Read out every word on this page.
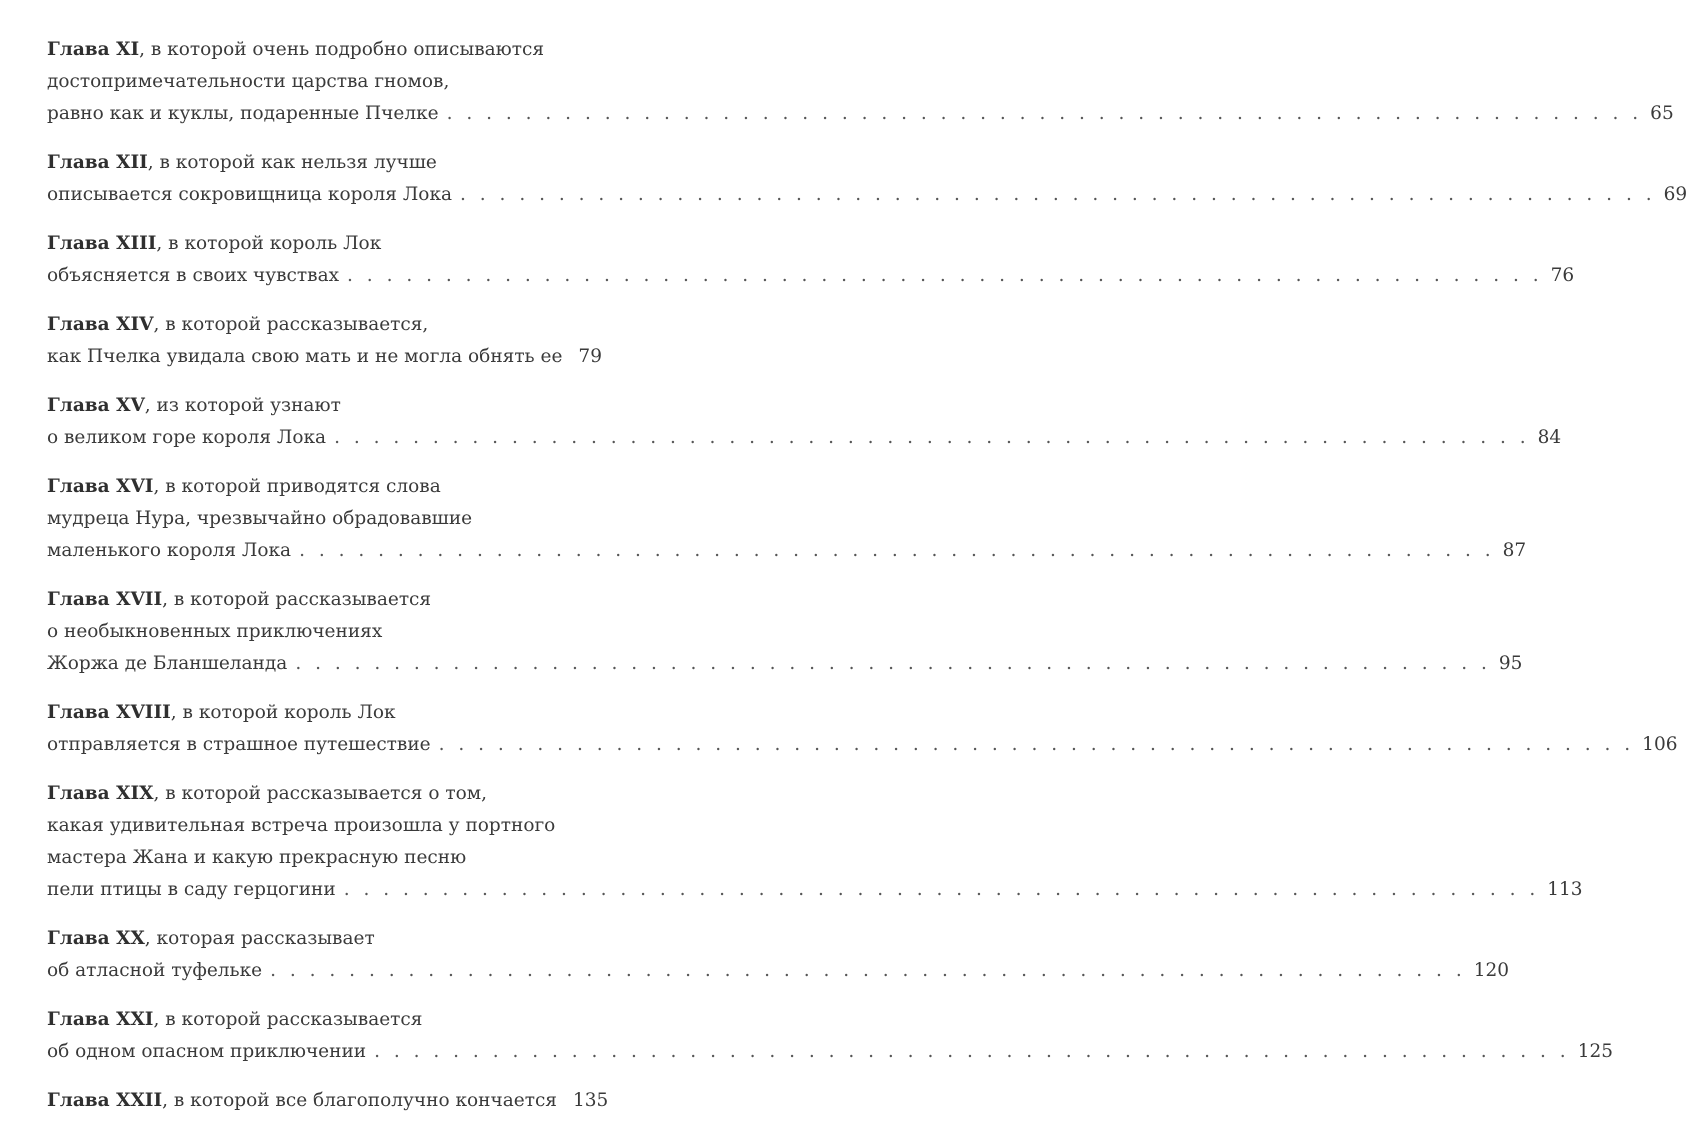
Глава XI, в которой очень подробно описываются
достопримечательности царства гномов,
равно как и куклы, подаренные Пчелке . . . . . . . . . . . . . . . . . . . . . . . . . . . . . . . . . . . . . . . . . . . . . . . . . . . . . . . . . . . . . 65
Глава XII, в которой как нельзя лучше
описывается сокровищница короля Лока . . . . . . . . . . . . . . . . . . . . . . . . . . . . . . . . . . . . . . . . . . . . . . . . . . . . . . . . . . . . . 69
Глава XIII, в которой король Лок
объясняется в своих чувствах . . . . . . . . . . . . . . . . . . . . . . . . . . . . . . . . . . . . . . . . . . . . . . . . . . . . . . . . . . . . . 76
Глава XIV, в которой рассказывается,
как Пчелка увидала свою мать и не могла обнять ее 79
Глава XV, из которой узнают
о великом горе короля Лока . . . . . . . . . . . . . . . . . . . . . . . . . . . . . . . . . . . . . . . . . . . . . . . . . . . . . . . . . . . . . 84
Глава XVI, в которой приводятся слова
мудреца Нура, чрезвычайно обрадовавшие
маленького короля Лока . . . . . . . . . . . . . . . . . . . . . . . . . . . . . . . . . . . . . . . . . . . . . . . . . . . . . . . . . . . . . 87
Глава XVII, в которой рассказывается
о необыкновенных приключениях
Жоржа де Бланшеланда . . . . . . . . . . . . . . . . . . . . . . . . . . . . . . . . . . . . . . . . . . . . . . . . . . . . . . . . . . . . . 95
Глава XVIII, в которой король Лок
отправляется в страшное путешествие . . . . . . . . . . . . . . . . . . . . . . . . . . . . . . . . . . . . . . . . . . . . . . . . . . . . . . . . . . . . . 106
Глава XIX, в которой рассказывается о том,
какая удивительная встреча произошла у портного
мастера Жана и какую прекрасную песню
пели птицы в саду герцогини . . . . . . . . . . . . . . . . . . . . . . . . . . . . . . . . . . . . . . . . . . . . . . . . . . . . . . . . . . . . . 113
Глава XX, которая рассказывает
об атласной туфельке . . . . . . . . . . . . . . . . . . . . . . . . . . . . . . . . . . . . . . . . . . . . . . . . . . . . . . . . . . . . . 120
Глава XXI, в которой рассказывается
об одном опасном приключении . . . . . . . . . . . . . . . . . . . . . . . . . . . . . . . . . . . . . . . . . . . . . . . . . . . . . . . . . . . . . 125
Глава XXII, в которой все благополучно кончается 135
